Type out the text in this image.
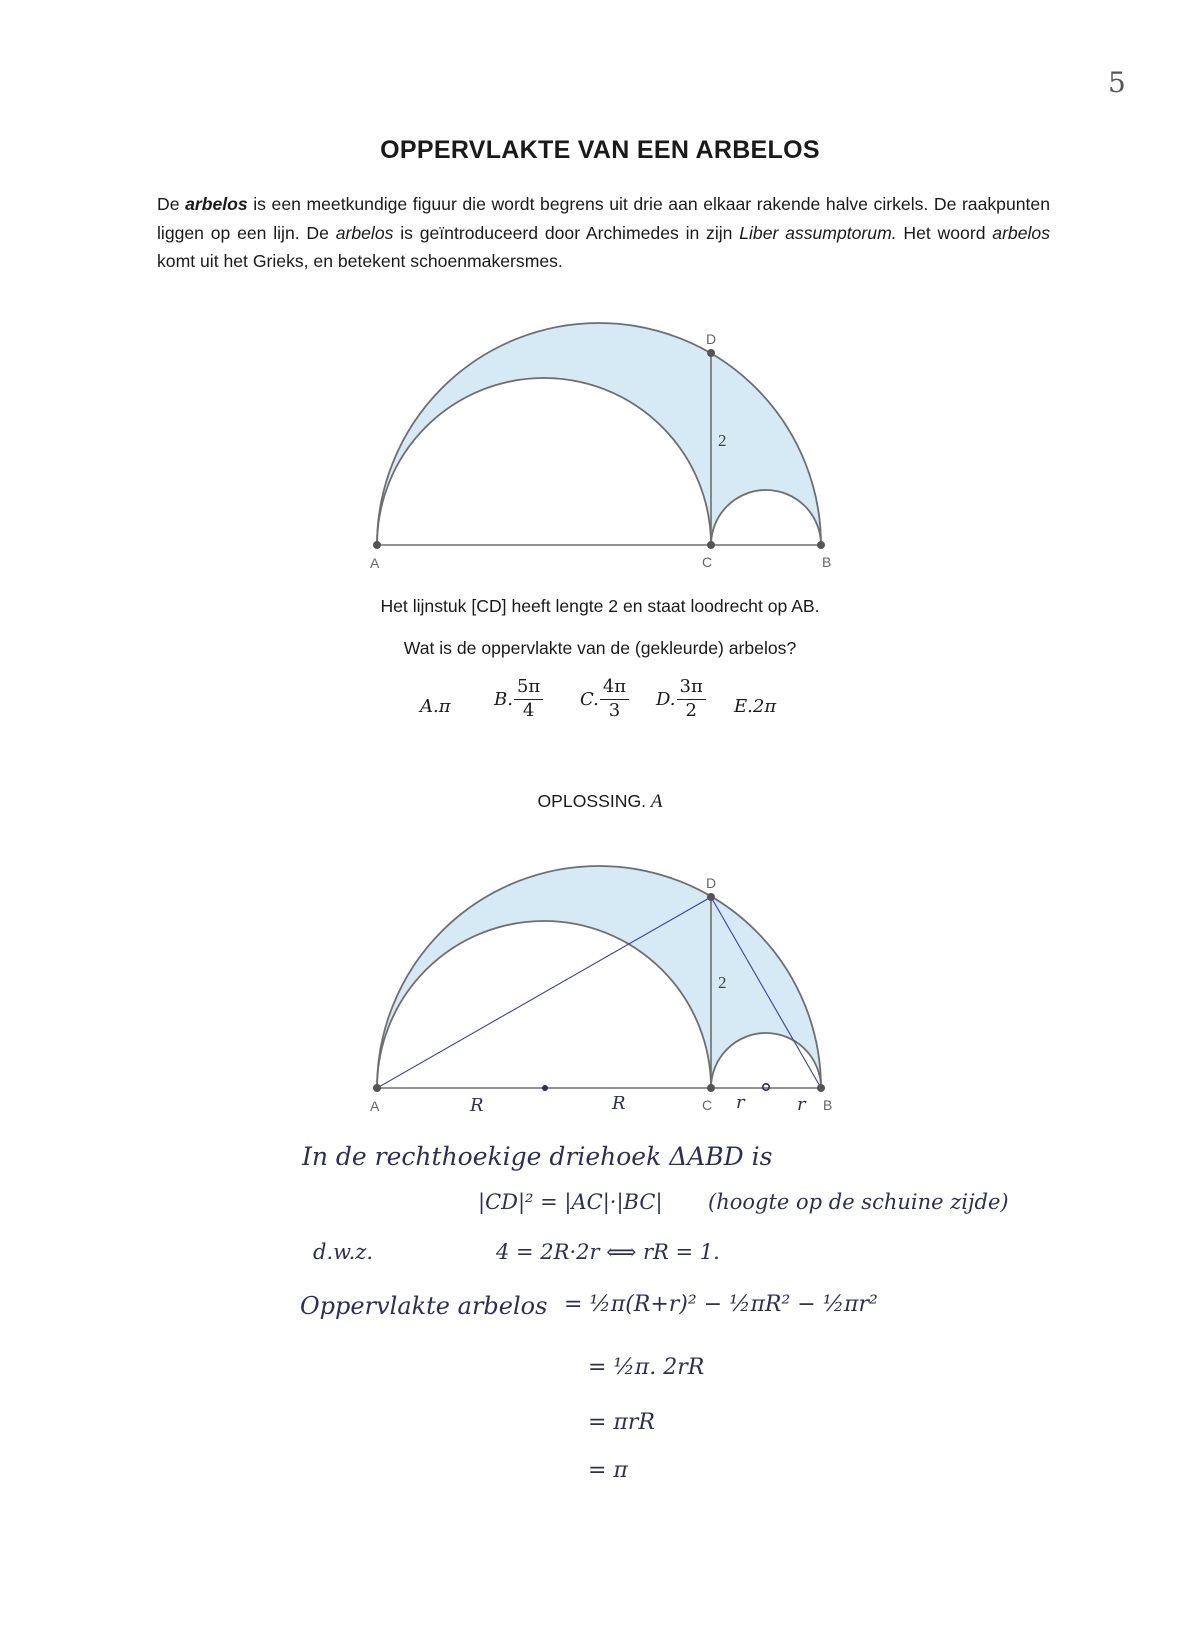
5
OPPERVLAKTE VAN EEN ARBELOS

De arbelos is een meetkundige figuur die wordt begrens uit drie aan elkaar rakende halve cirkels. De raakpunten liggen op een lijn. De arbelos is geïntroduceerd door Archimedes in zijn Liber assumptorum. Het woord arbelos komt uit het Grieks, en betekent schoenmakersmes.

A	C	B
D
2
Het lijnstuk [CD] heeft lengte 2 en staat loodrecht op AB.
Wat is de oppervlakte van de (gekleurde) arbelos?
A.π B. $\frac{5\pi}{4} C$. $\frac{4\pi}{3} D$. $\frac{3\pi}{2} E.2\pi$
OPLOSSING. A
A	C	B
D
2
R	R	r	r
In de rechthoekige driehoek ΔABD is
|CD|² = |AC|·|BC| (hoogte op de schuine zijde)
d.w.z.	4 = 2R·2r ⟺ rR = 1.
Oppervlakte arbelos = ½π(R+r)² − ½πR² − ½πr²
= ½π. 2rR
= πrR
= π
